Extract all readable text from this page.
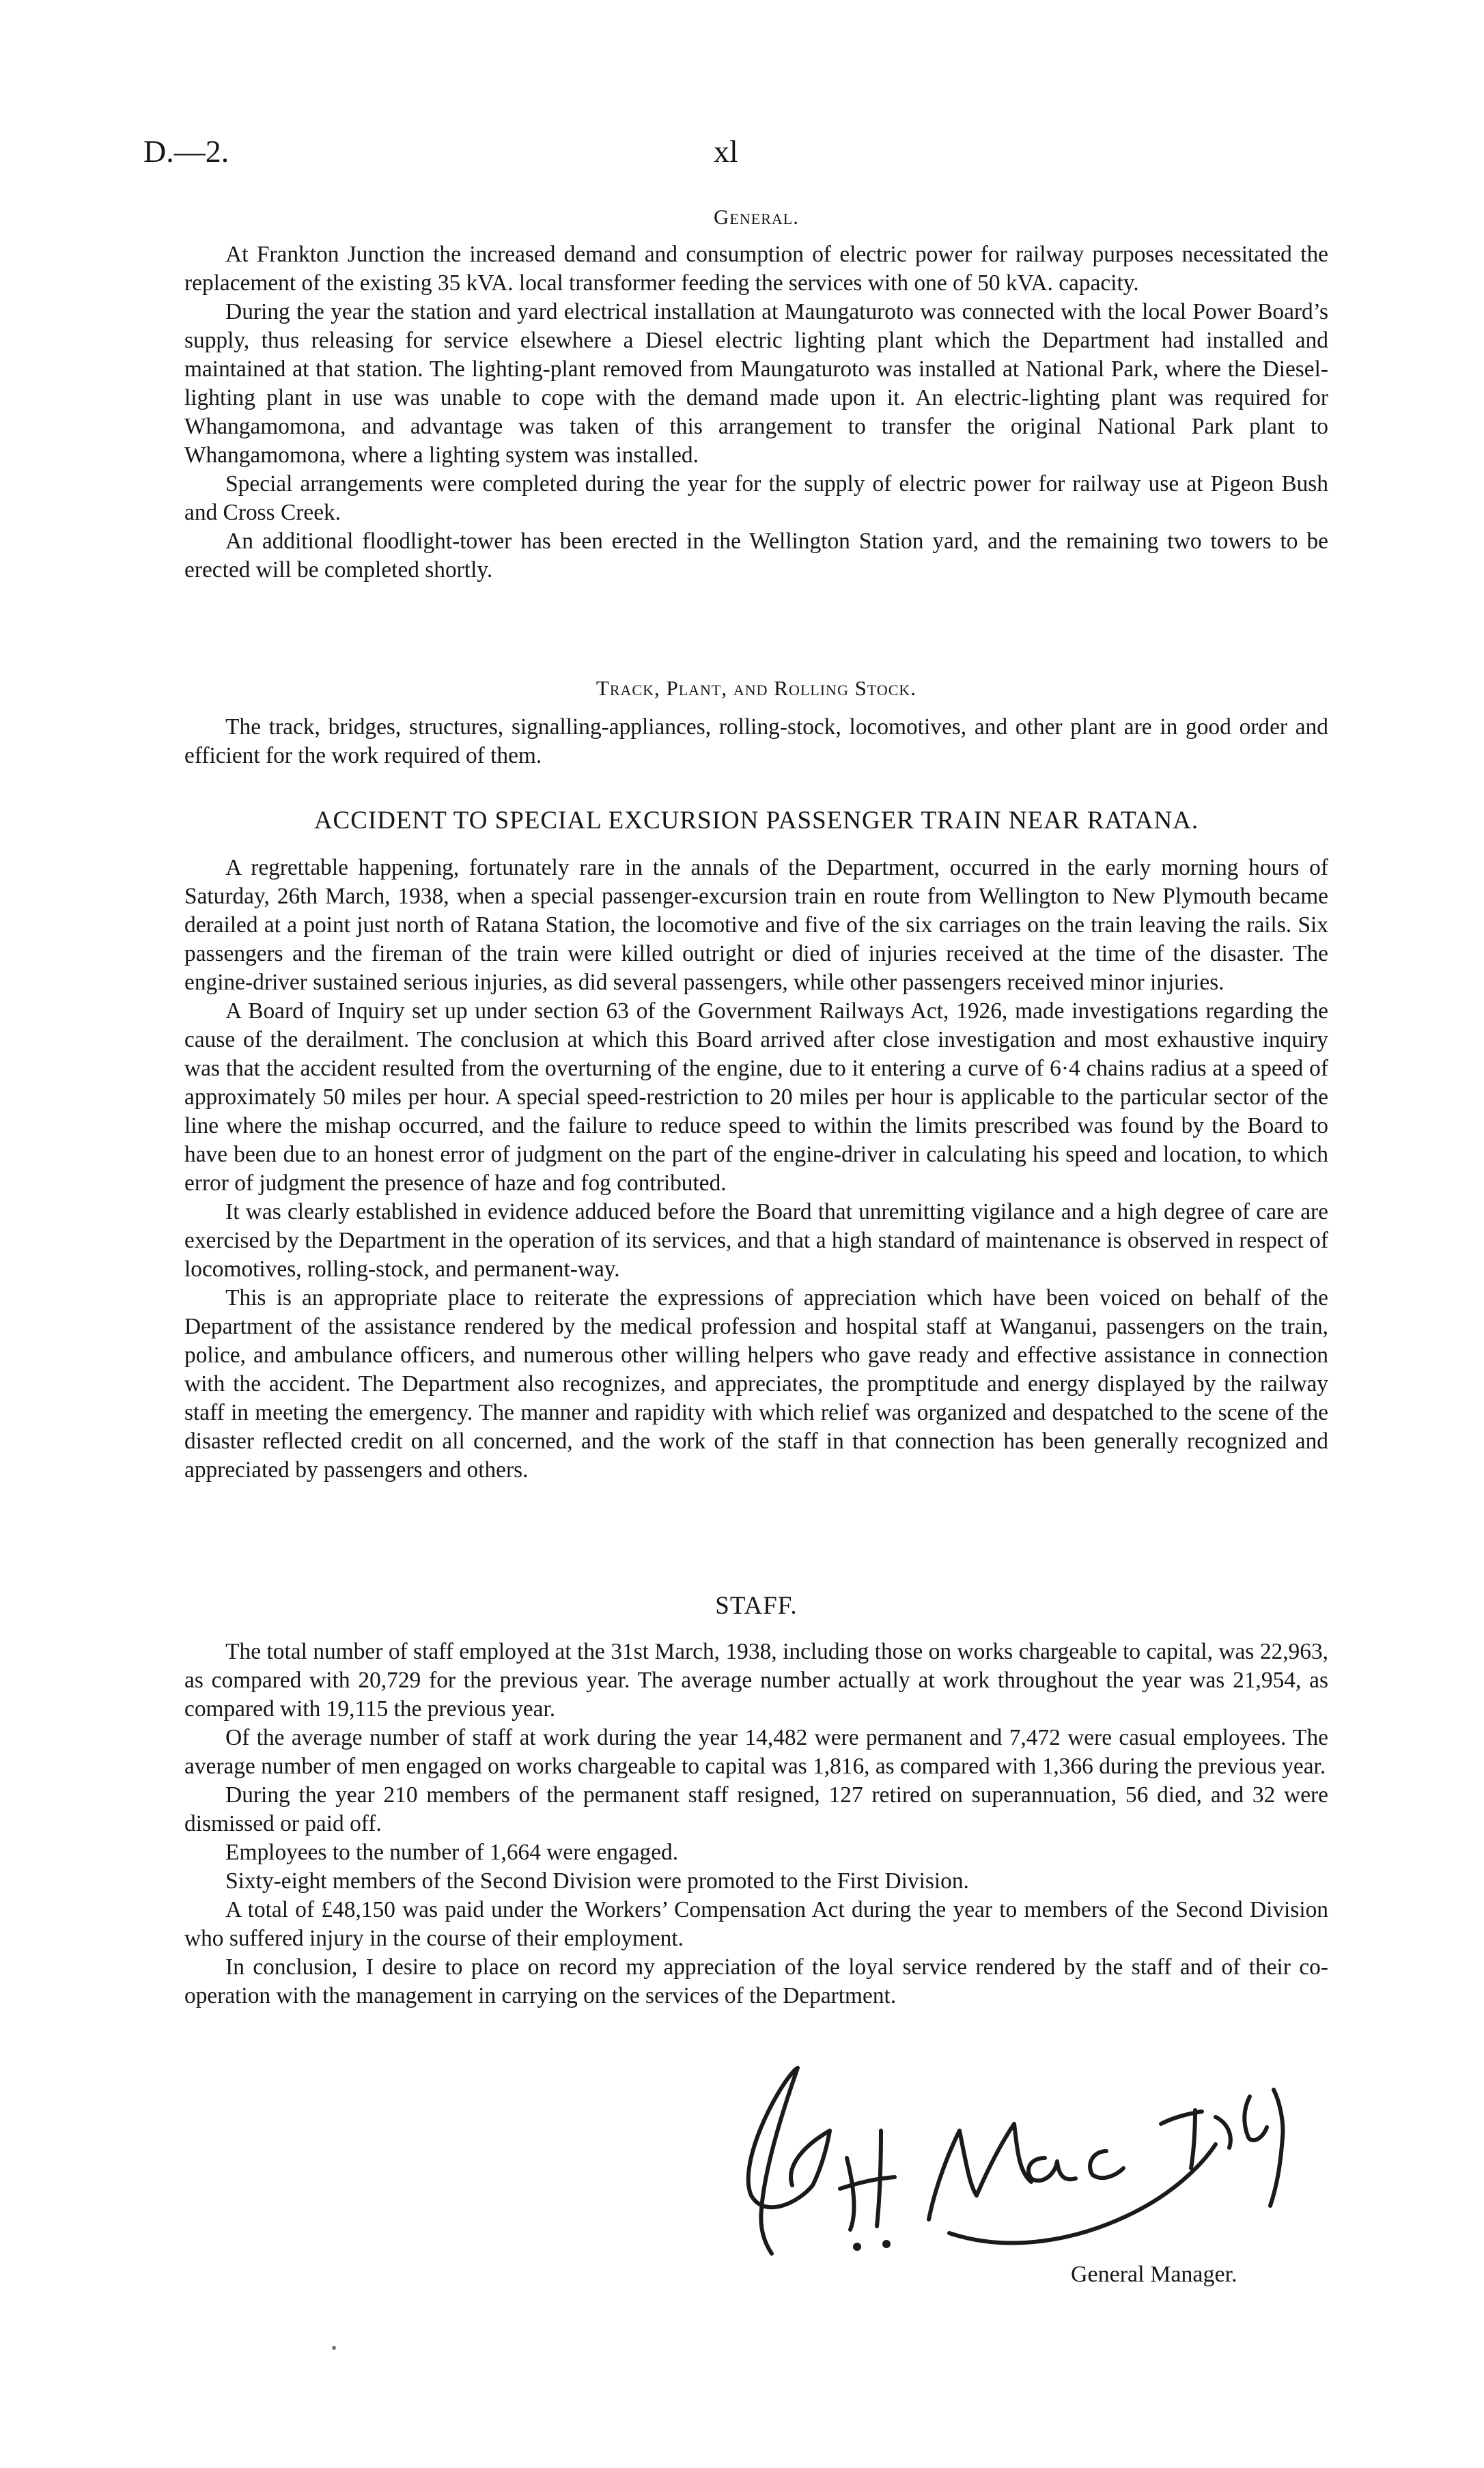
D.—2.	xl
General.

At Frankton Junction the increased demand and consumption of electric power for railway purposes necessitated the replacement of the existing 35 kVA. local transformer feeding the services with one of 50 kVA. capacity.

During the year the station and yard electrical installation at Maungaturoto was connected with the local Power Board’s supply, thus releasing for service elsewhere a Diesel electric lighting plant which the Department had installed and maintained at that station. The lighting-plant removed from Maungaturoto was installed at National Park, where the Diesel-lighting plant in use was unable to cope with the demand made upon it. An electric-lighting plant was required for Whangamomona, and advantage was taken of this arrangement to transfer the original National Park plant to Whangamomona, where a lighting system was installed.

Special arrangements were completed during the year for the supply of electric power for railway use at Pigeon Bush and Cross Creek.

An additional floodlight-tower has been erected in the Wellington Station yard, and the remaining two towers to be erected will be completed shortly.

Track, Plant, and Rolling Stock.

The track, bridges, structures, signalling-appliances, rolling-stock, locomotives, and other plant are in good order and efficient for the work required of them.

ACCIDENT TO SPECIAL EXCURSION PASSENGER TRAIN NEAR RATANA.

A regrettable happening, fortunately rare in the annals of the Department, occurred in the early morning hours of Saturday, 26th March, 1938, when a special passenger-excursion train en route from Wellington to New Plymouth became derailed at a point just north of Ratana Station, the locomotive and five of the six carriages on the train leaving the rails. Six passengers and the fireman of the train were killed outright or died of injuries received at the time of the disaster. The engine-driver sustained serious injuries, as did several passengers, while other passengers received minor injuries.

A Board of Inquiry set up under section 63 of the Government Railways Act, 1926, made investigations regarding the cause of the derailment. The conclusion at which this Board arrived after close investigation and most exhaustive inquiry was that the accident resulted from the overturning of the engine, due to it entering a curve of 6·4 chains radius at a speed of approximately 50 miles per hour. A special speed-restriction to 20 miles per hour is applicable to the particular sector of the line where the mishap occurred, and the failure to reduce speed to within the limits prescribed was found by the Board to have been due to an honest error of judgment on the part of the engine-driver in calculating his speed and location, to which error of judgment the presence of haze and fog contributed.

It was clearly established in evidence adduced before the Board that unremitting vigilance and a high degree of care are exercised by the Department in the operation of its services, and that a high standard of maintenance is observed in respect of locomotives, rolling-stock, and permanent-way.

This is an appropriate place to reiterate the expressions of appreciation which have been voiced on behalf of the Department of the assistance rendered by the medical profession and hospital staff at Wanganui, passengers on the train, police, and ambulance officers, and numerous other willing helpers who gave ready and effective assistance in connection with the accident. The Department also recognizes, and appreciates, the promptitude and energy displayed by the railway staff in meeting the emergency. The manner and rapidity with which relief was organized and despatched to the scene of the disaster reflected credit on all concerned, and the work of the staff in that connection has been generally recognized and appreciated by passengers and others.

STAFF.

The total number of staff employed at the 31st March, 1938, including those on works chargeable to capital, was 22,963, as compared with 20,729 for the previous year. The average number actually at work throughout the year was 21,954, as compared with 19,115 the previous year.

Of the average number of staff at work during the year 14,482 were permanent and 7,472 were casual employees. The average number of men engaged on works chargeable to capital was 1,816, as compared with 1,366 during the previous year.

During the year 210 members of the permanent staff resigned, 127 retired on superannuation, 56 died, and 32 were dismissed or paid off.

Employees to the number of 1,664 were engaged.

Sixty-eight members of the Second Division were promoted to the First Division.

A total of £48,150 was paid under the Workers’ Compensation Act during the year to members of the Second Division who suffered injury in the course of their employment.

In conclusion, I desire to place on record my appreciation of the loyal service rendered by the staff and of their co-operation with the management in carrying on the services of the Department.

General Manager.
